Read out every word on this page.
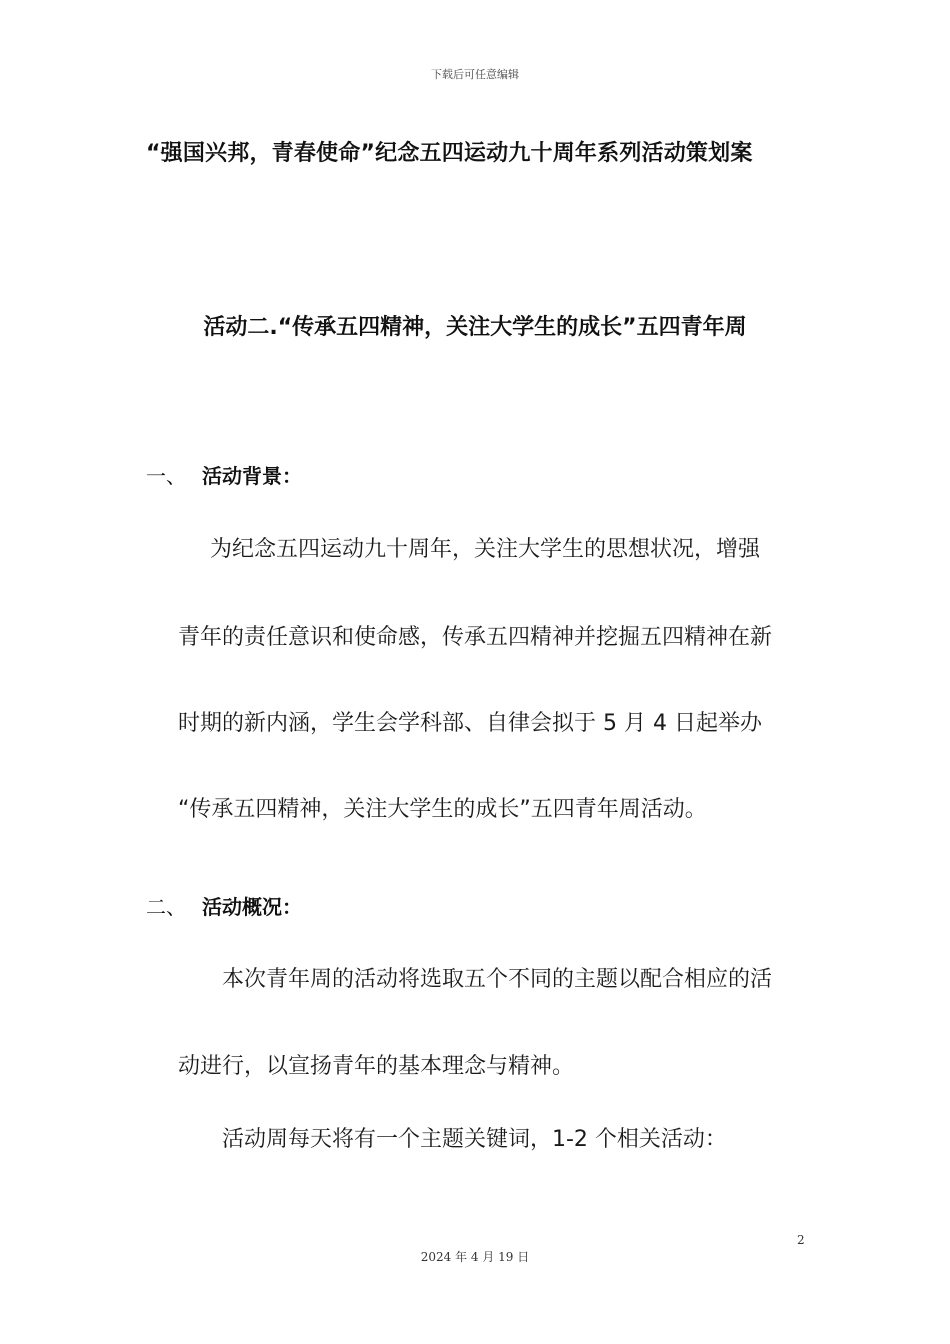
下载后可任意编辑
“强国兴邦，青春使命”纪念五四运动九十周年系列活动策划案
活动二.“传承五四精神，关注大学生的成长”五四青年周
一、 活动背景：
为纪念五四运动九十周年，关注大学生的思想状况，增强
青年的责任意识和使命感，传承五四精神并挖掘五四精神在新
时期的新内涵，学生会学科部、自律会拟于 5 月 4 日起举办
“传承五四精神，关注大学生的成长”五四青年周活动。
二、 活动概况：
本次青年周的活动将选取五个不同的主题以配合相应的活
动进行，以宣扬青年的基本理念与精神。
活动周每天将有一个主题关键词，1-2 个相关活动：
2
2024 年 4 月 19 日
